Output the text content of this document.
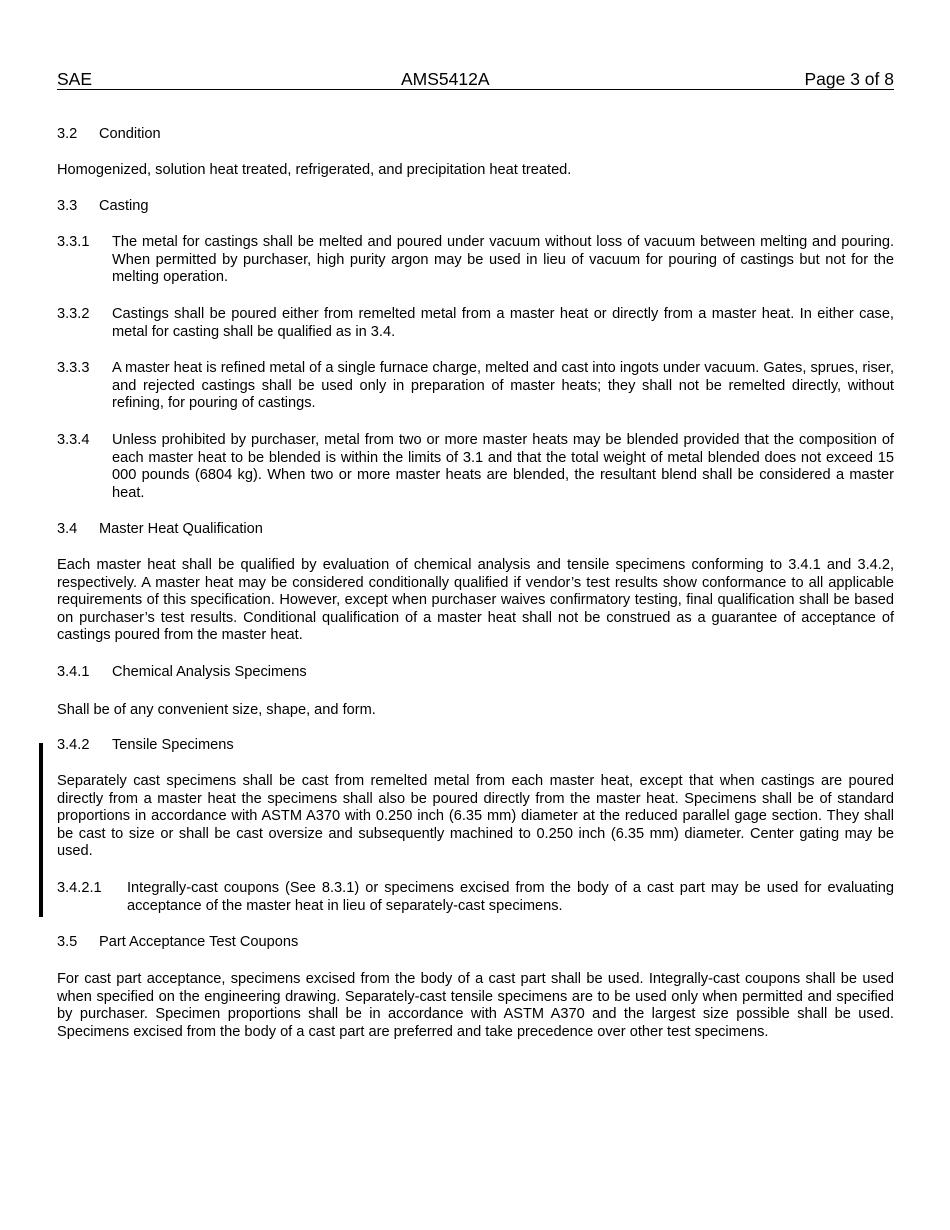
SAE	AMS5412A	Page 3 of 8
3.2	Condition
Homogenized, solution heat treated, refrigerated, and precipitation heat treated.
3.3	Casting
3.3.1	The metal for castings shall be melted and poured under vacuum without loss of vacuum between melting and pouring. When permitted by purchaser, high purity argon may be used in lieu of vacuum for pouring of castings but not for the melting operation.
3.3.2	Castings shall be poured either from remelted metal from a master heat or directly from a master heat. In either case, metal for casting shall be qualified as in 3.4.
3.3.3	A master heat is refined metal of a single furnace charge, melted and cast into ingots under vacuum. Gates, sprues, riser, and rejected castings shall be used only in preparation of master heats; they shall not be remelted directly, without refining, for pouring of castings.
3.3.4	Unless prohibited by purchaser, metal from two or more master heats may be blended provided that the composition of each master heat to be blended is within the limits of 3.1 and that the total weight of metal blended does not exceed 15 000 pounds (6804 kg). When two or more master heats are blended, the resultant blend shall be considered a master heat.
3.4	Master Heat Qualification
Each master heat shall be qualified by evaluation of chemical analysis and tensile specimens conforming to 3.4.1 and 3.4.2, respectively. A master heat may be considered conditionally qualified if vendor’s test results show conformance to all applicable requirements of this specification. However, except when purchaser waives confirmatory testing, final qualification shall be based on purchaser’s test results. Conditional qualification of a master heat shall not be construed as a guarantee of acceptance of castings poured from the master heat.
3.4.1	Chemical Analysis Specimens
Shall be of any convenient size, shape, and form.
3.4.2	Tensile Specimens
Separately cast specimens shall be cast from remelted metal from each master heat, except that when castings are poured directly from a master heat the specimens shall also be poured directly from the master heat. Specimens shall be of standard proportions in accordance with ASTM A370 with 0.250 inch (6.35 mm) diameter at the reduced parallel gage section. They shall be cast to size or shall be cast oversize and subsequently machined to 0.250 inch (6.35 mm) diameter. Center gating may be used.
3.4.2.1	Integrally-cast coupons (See 8.3.1) or specimens excised from the body of a cast part may be used for evaluating acceptance of the master heat in lieu of separately-cast specimens.
3.5	Part Acceptance Test Coupons
For cast part acceptance, specimens excised from the body of a cast part shall be used. Integrally-cast coupons shall be used when specified on the engineering drawing. Separately-cast tensile specimens are to be used only when permitted and specified by purchaser. Specimen proportions shall be in accordance with ASTM A370 and the largest size possible shall be used. Specimens excised from the body of a cast part are preferred and take precedence over other test specimens.
